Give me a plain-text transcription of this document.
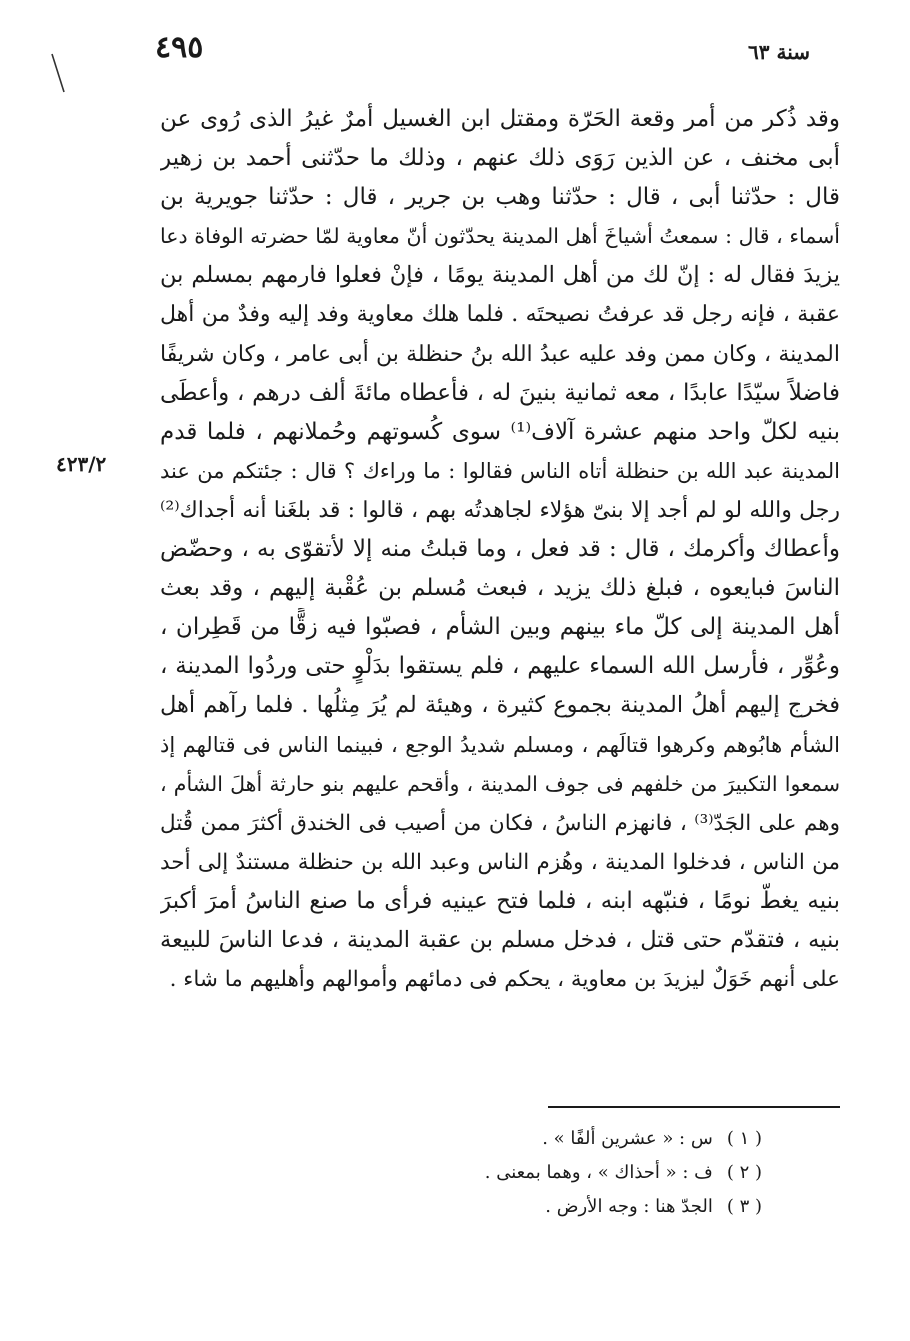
٤٩٥	سنة ٦٣
٤٢٣/٢
وقد ذُكر من أمر وقعة الحَرّة ومقتل ابن الغسيل أمرٌ غيرُ الذى رُوى عن
أبى مخنف ، عن الذين رَوَى ذلك عنهم ، وذلك ما حدّثنى أحمد بن زهير
قال : حدّثنا أبى ، قال : حدّثنا وهب بن جرير ، قال : حدّثنا جويرية بن
أسماء ، قال : سمعتُ أشياخَ أهل المدينة يحدّثون أنّ معاوية لمّا حضرته الوفاة دعا
يزيدَ فقال له : إنّ لك من أهل المدينة يومًا ، فإنْ فعلوا فارمهم بمسلم بن
عقبة ، فإنه رجل قد عرفتُ نصيحتَه . فلما هلك معاوية وفد إليه وفدٌ من أهل
المدينة ، وكان ممن وفد عليه عبدُ الله بنُ حنظلة بن أبى عامر ، وكان شريفًا
فاضلاً سيّدًا عابدًا ، معه ثمانية بنينَ له ، فأعطاه مائةَ ألف درهم ، وأعطَى
بنيه لكلّ واحد منهم عشرة آلاف⁽¹⁾ سوى كُسوتهم وحُملانهم ، فلما قدم
المدينة عبد الله بن حنظلة أتاه الناس فقالوا : ما وراءك ؟ قال : جئتكم من عند
رجل والله لو لم أجد إلا بنىّ هؤلاء لجاهدتُه بهم ، قالوا : قد بلغَنا أنه أجداك⁽²⁾
وأعطاك وأكرمك ، قال : قد فعل ، وما قبلتُ منه إلا لأتقوّى به ، وحضّض
الناسَ فبايعوه ، فبلغ ذلك يزيد ، فبعث مُسلم بن عُقْبة إليهم ، وقد بعث
أهل المدينة إلى كلّ ماء بينهم وبين الشأم ، فصبّوا فيه زقًّا من قَطِران ،
وعُوِّر ، فأرسل الله السماء عليهم ، فلم يستقوا بدَلْوٍ حتى وردُوا المدينة ،
فخرج إليهم أهلُ المدينة بجموع كثيرة ، وهيئة لم يُرَ مِثلُها . فلما رآهم أهل
الشأم هابُوهم وكرهوا قتالَهم ، ومسلم شديدُ الوجع ، فبينما الناس فى قتالهم إذ
سمعوا التكبيرَ من خلفهم فى جوف المدينة ، وأقحم عليهم بنو حارثة أهلَ الشأم ،
وهم على الجَدّ⁽³⁾ ، فانهزم الناسُ ، فكان من أصيب فى الخندق أكثرَ ممن قُتل
من الناس ، فدخلوا المدينة ، وهُزم الناس وعبد الله بن حنظلة مستندٌ إلى أحد
بنيه يغطّ نومًا ، فنبّهه ابنه ، فلما فتح عينيه فرأى ما صنع الناسُ أمرَ أكبرَ
بنيه ، فتقدّم حتى قتل ، فدخل مسلم بن عقبة المدينة ، فدعا الناسَ للبيعة
على أنهم خَوَلٌ ليزيدَ بن معاوية ، يحكم فى دمائهم وأموالهم وأهليهم ما شاء .
( ١ )س : « عشرين ألفًا » .
( ٢ )ف : « أحذاك » ، وهما بمعنى .
( ٣ )الجدّ هنا : وجه الأرض .
